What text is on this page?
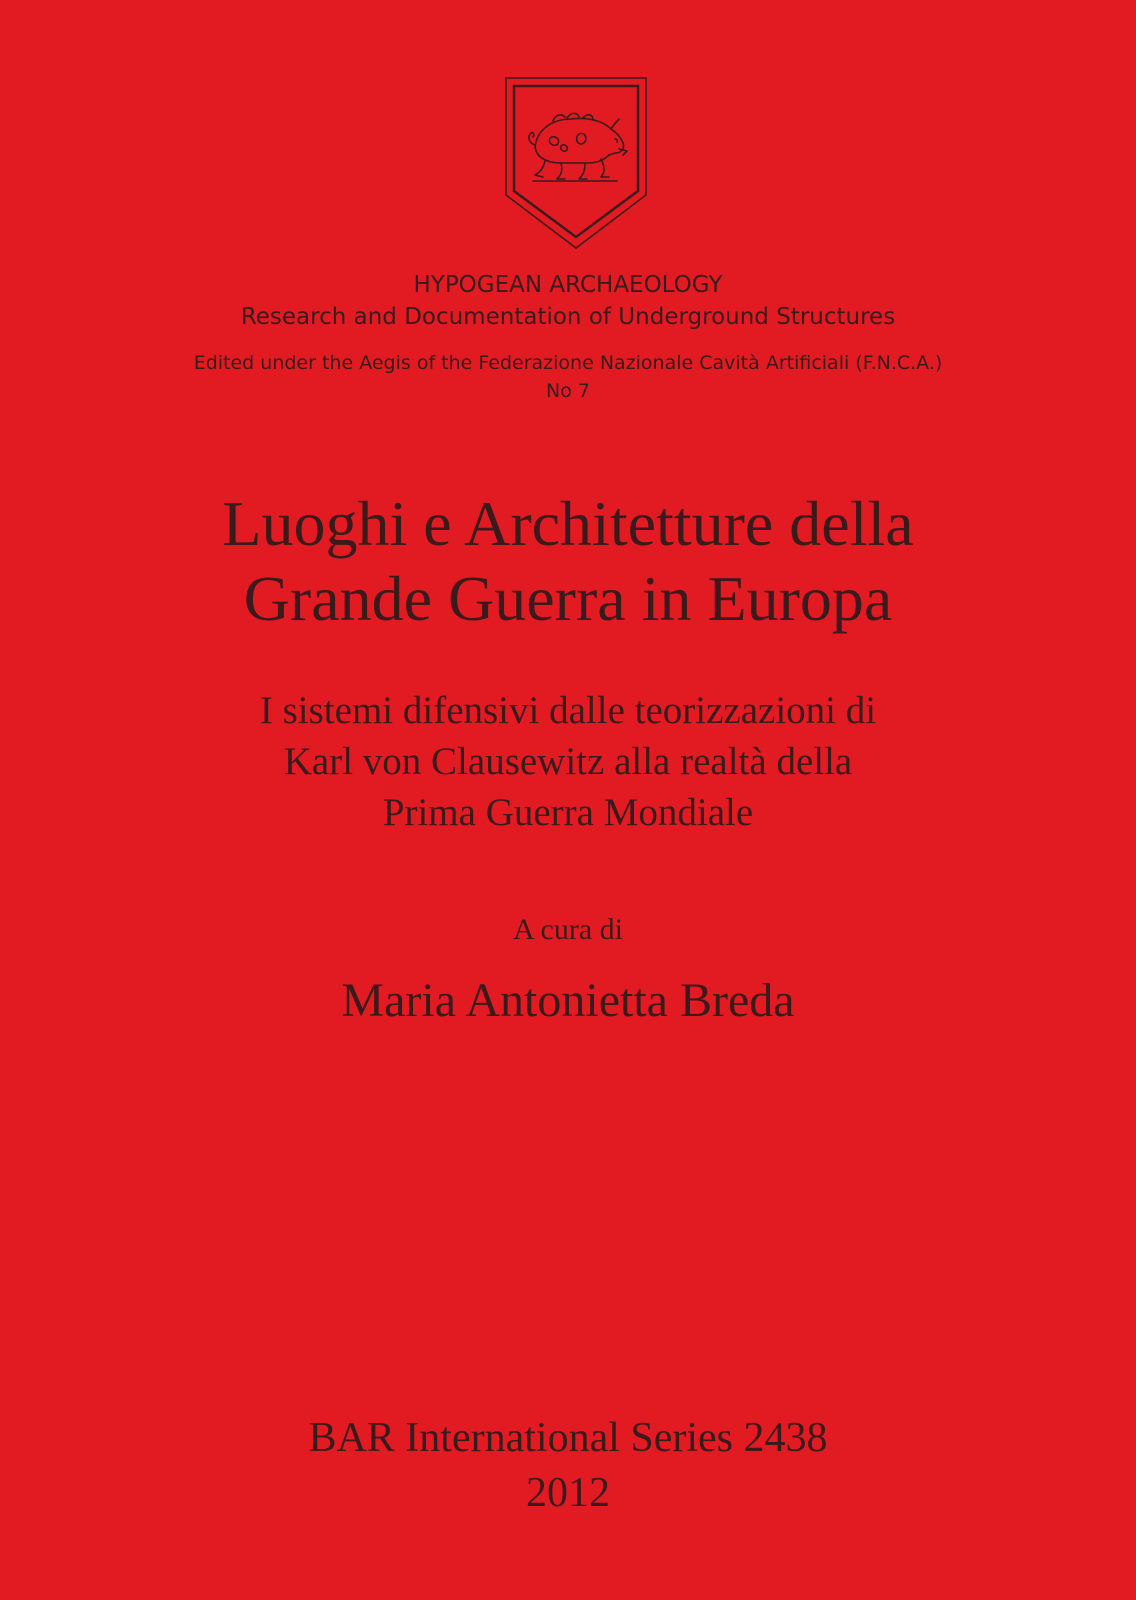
HYPOGEAN ARCHAEOLOGY
Research and Documentation of Underground Structures
Edited under the Aegis of the Federazione Nazionale Cavità Artificiali (F.N.C.A.)
No 7
Luoghi e Architetture della
Grande Guerra in Europa
I sistemi difensivi dalle teorizzazioni di
Karl von Clausewitz alla realtà della
Prima Guerra Mondiale
A cura di
Maria Antonietta Breda
BAR International Series 2438
2012
